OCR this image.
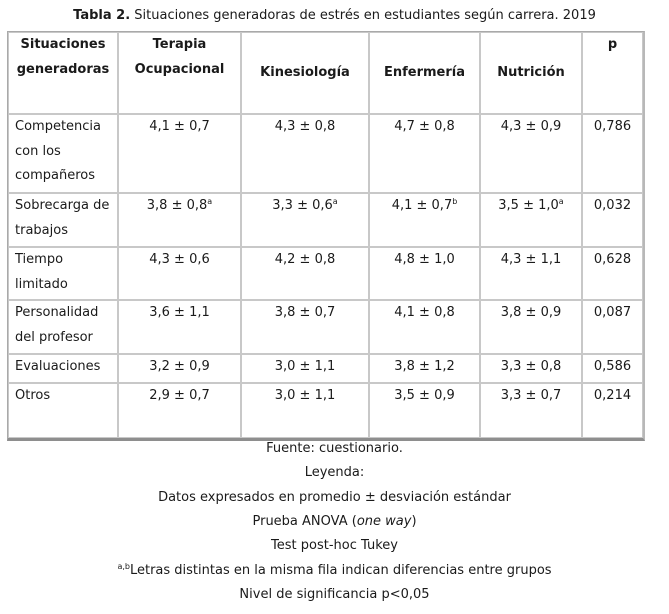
Tabla 2. Situaciones generadoras de estrés en estudiantes según carrera. 2019
Situaciones generadoras	Terapia Ocupacional	Kinesiología	Enfermería	Nutrición	p
Competencia con los compañeros	4,1 ± 0,7	4,3 ± 0,8	4,7 ± 0,8	4,3 ± 0,9	0,786
Sobrecarga de trabajos	3,8 ± 0,8$^a$	3,3 ± 0,6$^a$	4,1 ± 0,7$^b$	3,5 ± 1,0$^a$	0,032
Tiempo limitado	4,3 ± 0,6	4,2 ± 0,8	4,8 ± 1,0	4,3 ± 1,1	0,628
Personalidad del profesor	3,6 ± 1,1	3,8 ± 0,7	4,1 ± 0,8	3,8 ± 0,9	0,087
Evaluaciones	3,2 ± 0,9	3,0 ± 1,1	3,8 ± 1,2	3,3 ± 0,8	0,586
Otros	2,9 ± 0,7	3,0 ± 1,1	3,5 ± 0,9	3,3 ± 0,7	0,214
Fuente: cuestionario.
Leyenda:
Datos expresados en promedio ± desviación estándar
Prueba ANOVA (one way)
Test post-hoc Tukey
$^{a,b}$Letras distintas en la misma fila indican diferencias entre grupos
Nivel de significancia p<0,05
